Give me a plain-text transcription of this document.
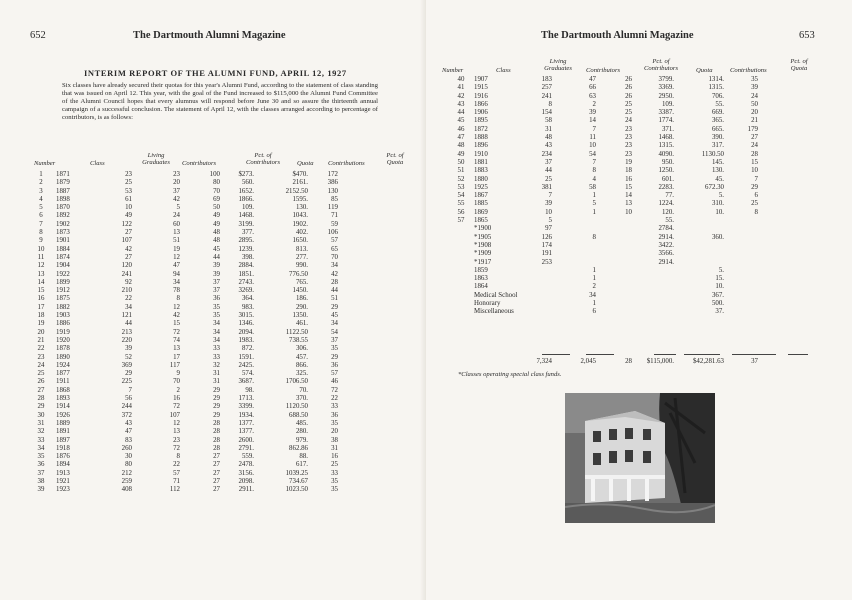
652	The Dartmouth Alumni Magazine
INTERIM REPORT OF THE ALUMNI FUND, APRIL 12, 1927

Six classes have already secured their quotas for this year's Alumni Fund, according to the statement of class standing that was issued on April 12. This year, with the goal of the Fund increased to $115,000 the Alumni Fund Committee of the Alumni Council hopes that every alumnus will respond before June 30 and so assure the thirteenth annual campaign of a successful conclusion. The statement of April 12, with the classes arranged according to percentage of contributors, is as follows:

Number	Class
Living Graduates	Contributors
Pct. of Contributors	Quota Contributions
Pct. of Quota
1	1871	23	23	100	$273.	$470.	172
2	1879	25	20	80	560.	2161.	386
3	1887	53	37	70	1652.	2152.50	130
4	1898	61	42	69	1866.	1595.	85
5	1870	10	5	50	109.	130.	119
6	1892	49	24	49	1468.	1043.	71
7	1902	122	60	49	3199.	1902.	59
8	1873	27	13	48	377.	402.	106
9	1901	107	51	48	2895.	1650.	57
10	1884	42	19	45	1239.	813.	65
11	1874	27	12	44	398.	277.	70
12	1904	120	47	39	2884.	990.	34
13	1922	241	94	39	1851.	776.50	42
14	1899	92	34	37	2743.	765.	28
15	1912	210	78	37	3269.	1450.	44
16	1875	22	8	36	364.	186.	51
17	1882	34	12	35	983.	290.	29
18	1903	121	42	35	3015.	1350.	45
19	1886	44	15	34	1346.	461.	34
20	1919	213	72	34	2094.	1122.50	54
21	1920	220	74	34	1983.	738.55	37
22	1878	39	13	33	872.	306.	35
23	1890	52	17	33	1591.	457.	29
24	1924	369	117	32	2425.	866.	36
25	1877	29	9	31	574.	325.	57
26	1911	225	70	31	3687.	1706.50	46
27	1868	7	2	29	98.	70.	72
28	1893	56	16	29	1713.	370.	22
29	1914	244	72	29	3399.	1120.50	33
30	1926	372	107	29	1934.	688.50	36
31	1889	43	12	28	1377.	485.	35
32	1891	47	13	28	1377.	280.	20
33	1897	83	23	28	2600.	979.	38
34	1918	260	72	28	2791.	862.86	31
35	1876	30	8	27	559.	88.	16
36	1894	80	22	27	2478.	617.	25
37	1913	212	57	27	3156.	1039.25	33
38	1921	259	71	27	2098.	734.67	35
39	1923	408	112	27	2911.	1023.50	35
The Dartmouth Alumni Magazine	653
Number	Class
Living Graduates	Contributors
Pct. of Contributors	Quota	Contributions
Pct. of Quota
40	1907	183	47	26	3799.	1314.	35
41	1915	257	66	26	3369.	1315.	39
42	1916	241	63	26	2950.	706.	24
43	1866	8	2	25	109.	55.	50
44	1906	154	39	25	3387.	669.	20
45	1895	58	14	24	1774.	365.	21
46	1872	31	7	23	371.	665.	179
47	1888	48	11	23	1468.	390.	27
48	1896	43	10	23	1315.	317.	24
49	1910	234	54	23	4090.	1130.50	28
50	1881	37	7	19	950.	145.	15
51	1883	44	8	18	1250.	130.	10
52	1880	25	4	16	601.	45.	7
53	1925	381	58	15	2283.	672.30	29
54	1867	7	1	14	77.	5.	6
55	1885	39	5	13	1224.	310.	25
56	1869	10	1	10	120.	10.	8
57	1865	5			55.		
	*1900	97			2784.		
	*1905	126	8		2914.	360.	
	*1908	174			3422.		
	*1909	191			3566.		
	*1917	253			2914.		
	1859		1			5.	
	1863		1			15.	
	1864		2			10.	
	Medical School		34			367.	
	Honorary		1			500.	
	Miscellaneous		6			37.	
		7,324	2,045	28	$115,000.	$42,281.63	37
*Classes operating special class funds.
